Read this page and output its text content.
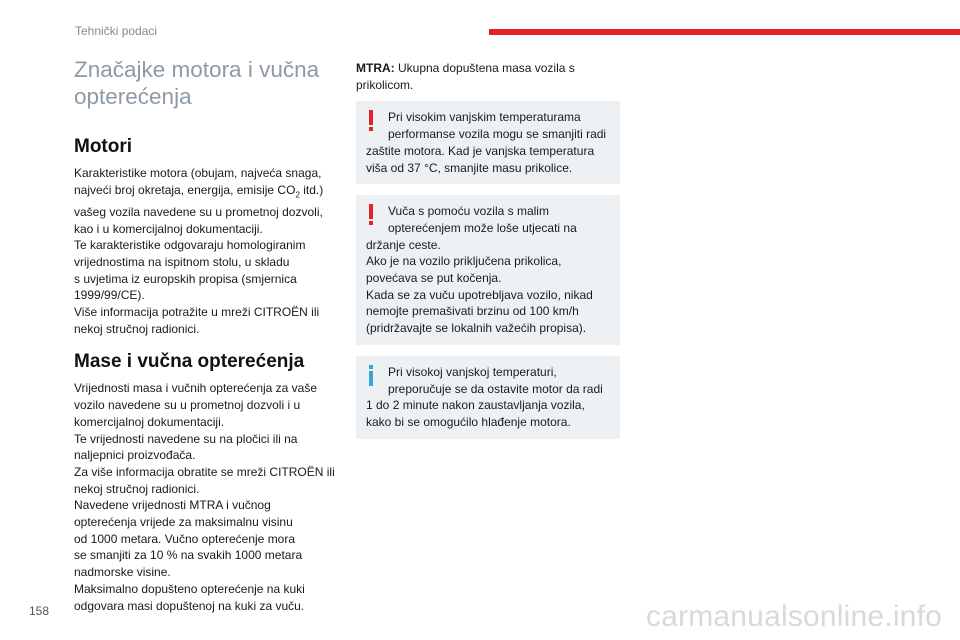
Tehnički podaci
Značajke motora i vučna opterećenja
Motori

Karakteristike motora (obujam, najveća snaga,

najveći broj okretaja, energija, emisije $CO_2$ itd.)

vašeg vozila navedene su u prometnoj dozvoli,

kao i u komercijalnoj dokumentaciji.

Te karakteristike odgovaraju homologiranim

vrijednostima na ispitnom stolu, u skladu

s uvjetima iz europskih propisa (smjernica

1999/99/CE).

Više informacija potražite u mreži CITROËN ili

nekoj stručnoj radionici.

Mase i vučna opterećenja

Vrijednosti masa i vučnih opterećenja za vaše

vozilo navedene su u prometnoj dozvoli i u

komercijalnoj dokumentaciji.

Te vrijednosti navedene su na pločici ili na

naljepnici proizvođača.

Za više informacija obratite se mreži CITROËN ili

nekoj stručnoj radionici.

Navedene vrijednosti MTRA i vučnog

opterećenja vrijede za maksimalnu visinu

od 1000 metara. Vučno opterećenje mora

se smanjiti za 10 % na svakih 1000 metara

nadmorske visine.

Maksimalno dopušteno opterećenje na kuki

odgovara masi dopuštenoj na kuki za vuču.

MTRA: Ukupna dopuštena masa vozila s

prikolicom.

Pri visokim vanjskim temperaturama

performanse vozila mogu se smanjiti radi

zaštite motora. Kad je vanjska temperatura

viša od 37 °C, smanjite masu prikolice.

Vuča s pomoću vozila s malim

opterećenjem može loše utjecati na

držanje ceste.

Ako je na vozilo priključena prikolica,

povećava se put kočenja.

Kada se za vuču upotrebljava vozilo, nikad

nemojte premašivati brzinu od 100 km/h

(pridržavajte se lokalnih važećih propisa).

Pri visokoj vanjskoj temperaturi,

preporučuje se da ostavite motor da radi

1 do 2 minute nakon zaustavljanja vozila,

kako bi se omogućilo hlađenje motora.

158	carmanualsonline.info
